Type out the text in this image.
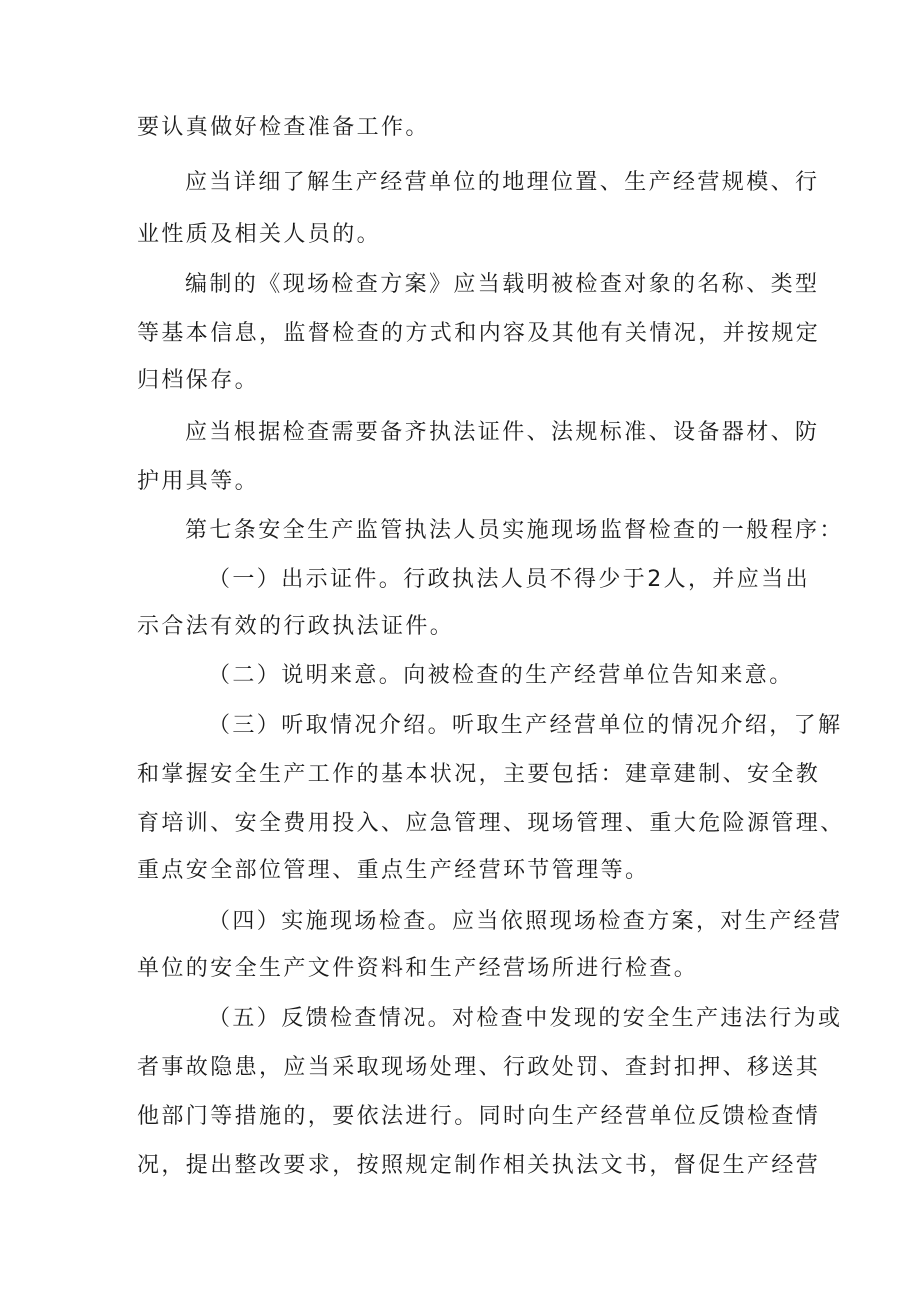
要认真做好检查准备工作。
应当详细了解生产经营单位的地理位置、生产经营规模、行
业性质及相关人员的。
编制的《现场检查方案》应当载明被检查对象的名称、类型
等基本信息，监督检查的方式和内容及其他有关情况，并按规定
归档保存。
应当根据检查需要备齐执法证件、法规标准、设备器材、防
护用具等。
第七条安全生产监管执法人员实施现场监督检查的一般程序：
（一）出示证件。行政执法人员不得少于2人，并应当出
示合法有效的行政执法证件。
（二）说明来意。向被检查的生产经营单位告知来意。
（三）听取情况介绍。听取生产经营单位的情况介绍，了解
和掌握安全生产工作的基本状况，主要包括：建章建制、安全教
育培训、安全费用投入、应急管理、现场管理、重大危险源管理、
重点安全部位管理、重点生产经营环节管理等。
（四）实施现场检查。应当依照现场检查方案，对生产经营
单位的安全生产文件资料和生产经营场所进行检查。
（五）反馈检查情况。对检查中发现的安全生产违法行为或
者事故隐患，应当采取现场处理、行政处罚、查封扣押、移送其
他部门等措施的，要依法进行。同时向生产经营单位反馈检查情
况，提出整改要求，按照规定制作相关执法文书，督促生产经营
